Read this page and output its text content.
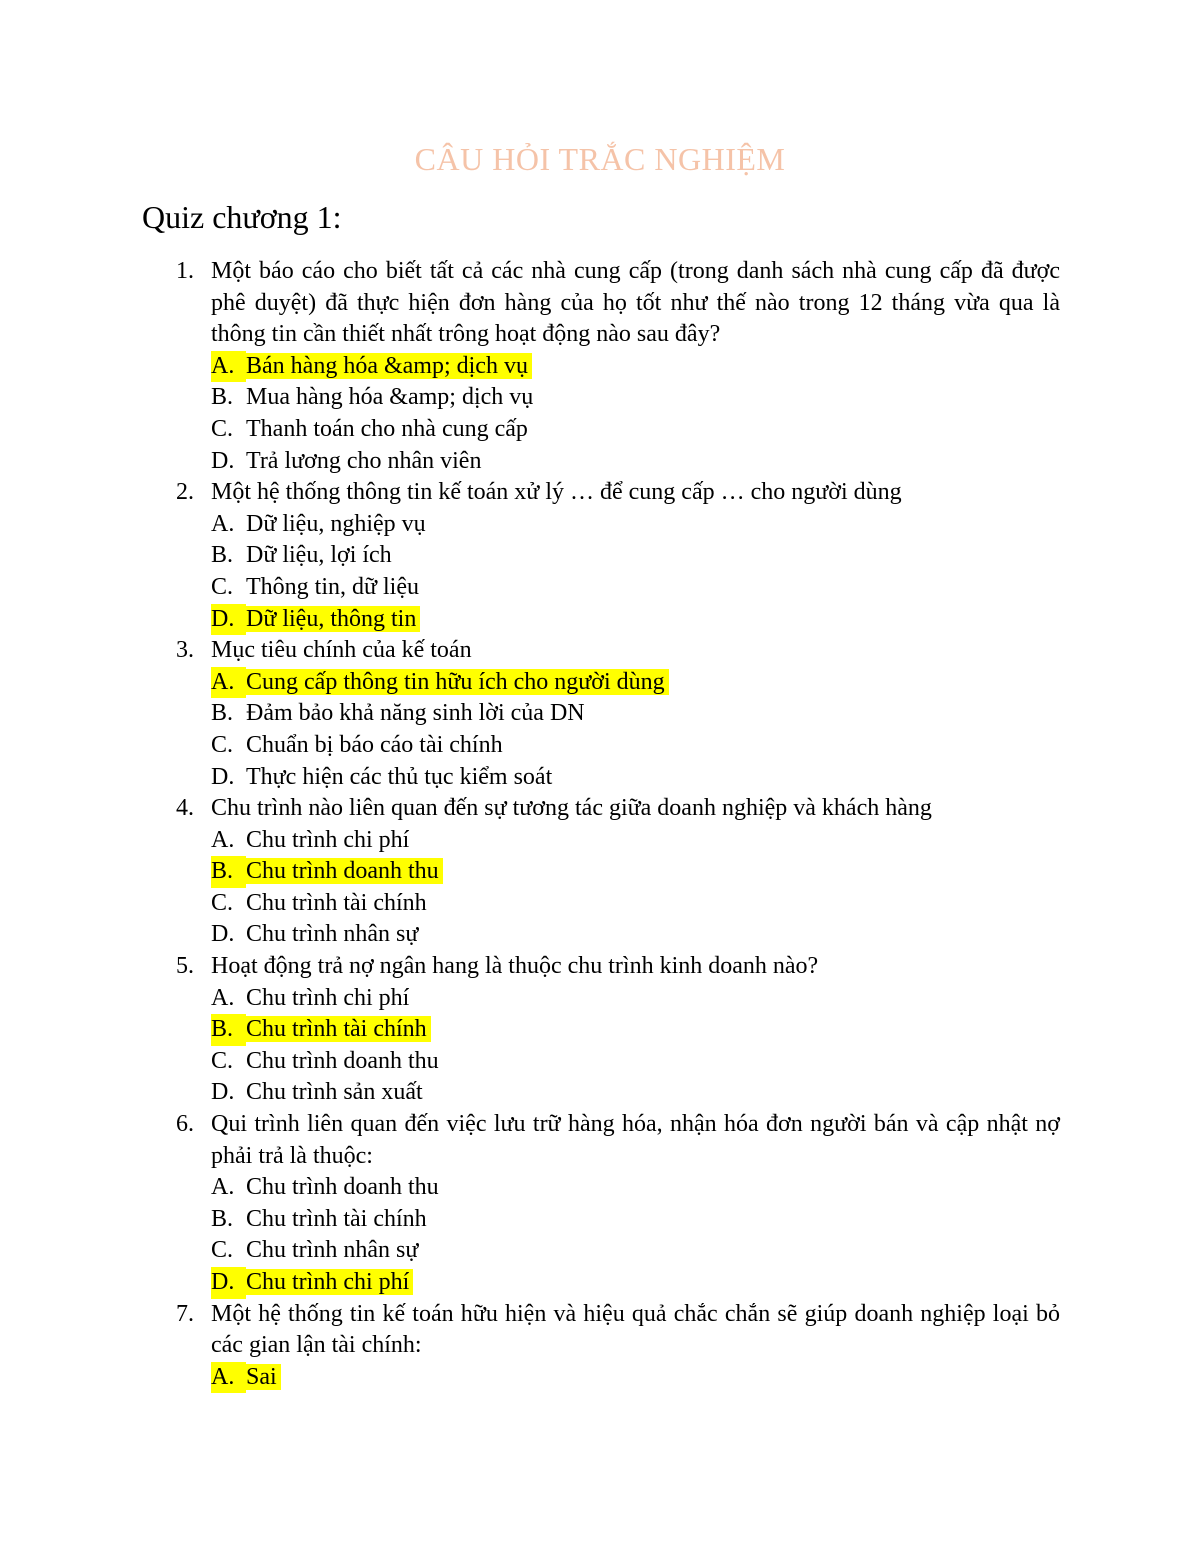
CÂU HỎI TRẮC NGHIỆM
Quiz chương 1:
1. Một báo cáo cho biết tất cả các nhà cung cấp (trong danh sách nhà cung cấp đã được phê duyệt) đã thực hiện đơn hàng của họ tốt như thế nào trong 12 tháng vừa qua là thông tin cần thiết nhất trông hoạt động nào sau đây?
A. Bán hàng hóa &amp; dịch vụ
B. Mua hàng hóa &amp; dịch vụ
C. Thanh toán cho nhà cung cấp
D. Trả lương cho nhân viên
2. Một hệ thống thông tin kế toán xử lý … để cung cấp … cho người dùng
A. Dữ liệu, nghiệp vụ
B. Dữ liệu, lợi ích
C. Thông tin, dữ liệu
D. Dữ liệu, thông tin
3. Mục tiêu chính của kế toán
A. Cung cấp thông tin hữu ích cho người dùng
B. Đảm bảo khả năng sinh lời của DN
C. Chuẩn bị báo cáo tài chính
D. Thực hiện các thủ tục kiểm soát
4. Chu trình nào liên quan đến sự tương tác giữa doanh nghiệp và khách hàng
A. Chu trình chi phí
B. Chu trình doanh thu
C. Chu trình tài chính
D. Chu trình nhân sự
5. Hoạt động trả nợ ngân hang là thuộc chu trình kinh doanh nào?
A. Chu trình chi phí
B. Chu trình tài chính
C. Chu trình doanh thu
D. Chu trình sản xuất
6. Qui trình liên quan đến việc lưu trữ hàng hóa, nhận hóa đơn người bán và cập nhật nợ phải trả là thuộc:
A. Chu trình doanh thu
B. Chu trình tài chính
C. Chu trình nhân sự
D. Chu trình chi phí
7. Một hệ thống tin kế toán hữu hiện và hiệu quả chắc chắn sẽ giúp doanh nghiệp loại bỏ các gian lận tài chính:
A. Sai
